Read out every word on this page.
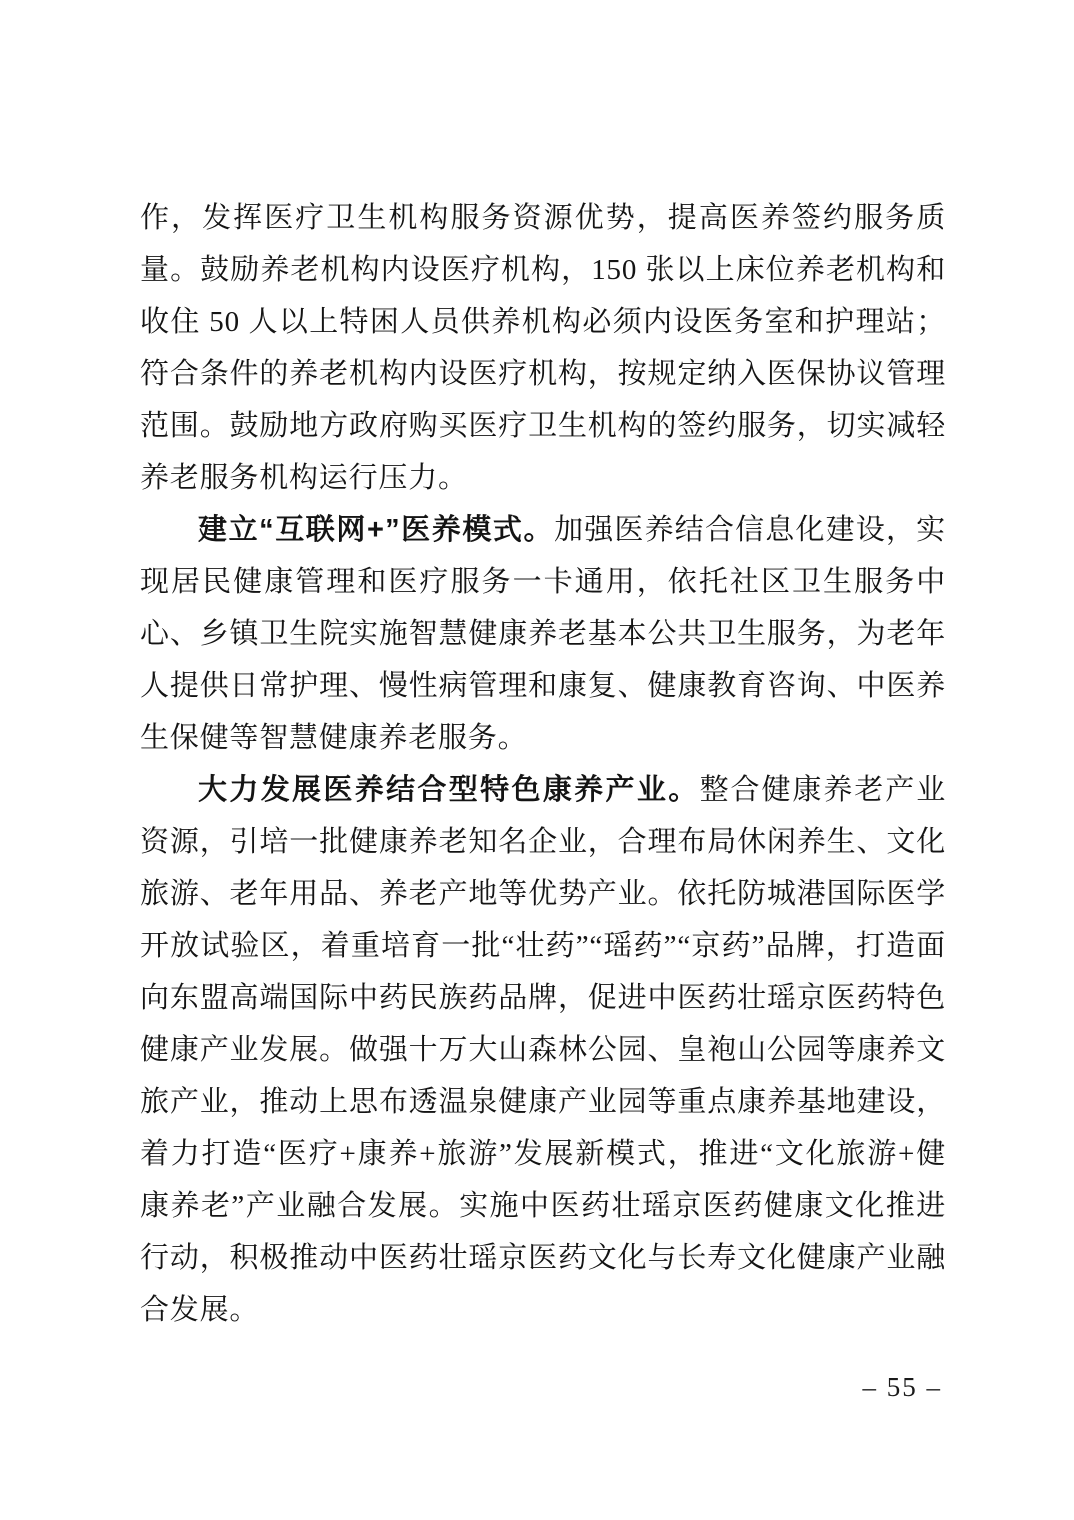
作，发挥医疗卫生机构服务资源优势，提高医养签约服务质量。鼓励养老机构内设医疗机构，150 张以上床位养老机构和收住 50 人以上特困人员供养机构必须内设医务室和护理站；符合条件的养老机构内设医疗机构，按规定纳入医保协议管理范围。鼓励地方政府购买医疗卫生机构的签约服务，切实减轻养老服务机构运行压力。

建立“互联网+”医养模式。加强医养结合信息化建设，实现居民健康管理和医疗服务一卡通用，依托社区卫生服务中心、乡镇卫生院实施智慧健康养老基本公共卫生服务，为老年人提供日常护理、慢性病管理和康复、健康教育咨询、中医养生保健等智慧健康养老服务。

大力发展医养结合型特色康养产业。整合健康养老产业资源，引培一批健康养老知名企业，合理布局休闲养生、文化旅游、老年用品、养老产地等优势产业。依托防城港国际医学开放试验区，着重培育一批“壮药”“瑶药”“京药”品牌，打造面向东盟高端国际中药民族药品牌，促进中医药壮瑶京医药特色健康产业发展。做强十万大山森林公园、皇袍山公园等康养文旅产业，推动上思布透温泉健康产业园等重点康养基地建设，着力打造“医疗+康养+旅游”发展新模式，推进“文化旅游+健康养老”产业融合发展。实施中医药壮瑶京医药健康文化推进行动，积极推动中医药壮瑶京医药文化与长寿文化健康产业融合发展。

– 55 –
